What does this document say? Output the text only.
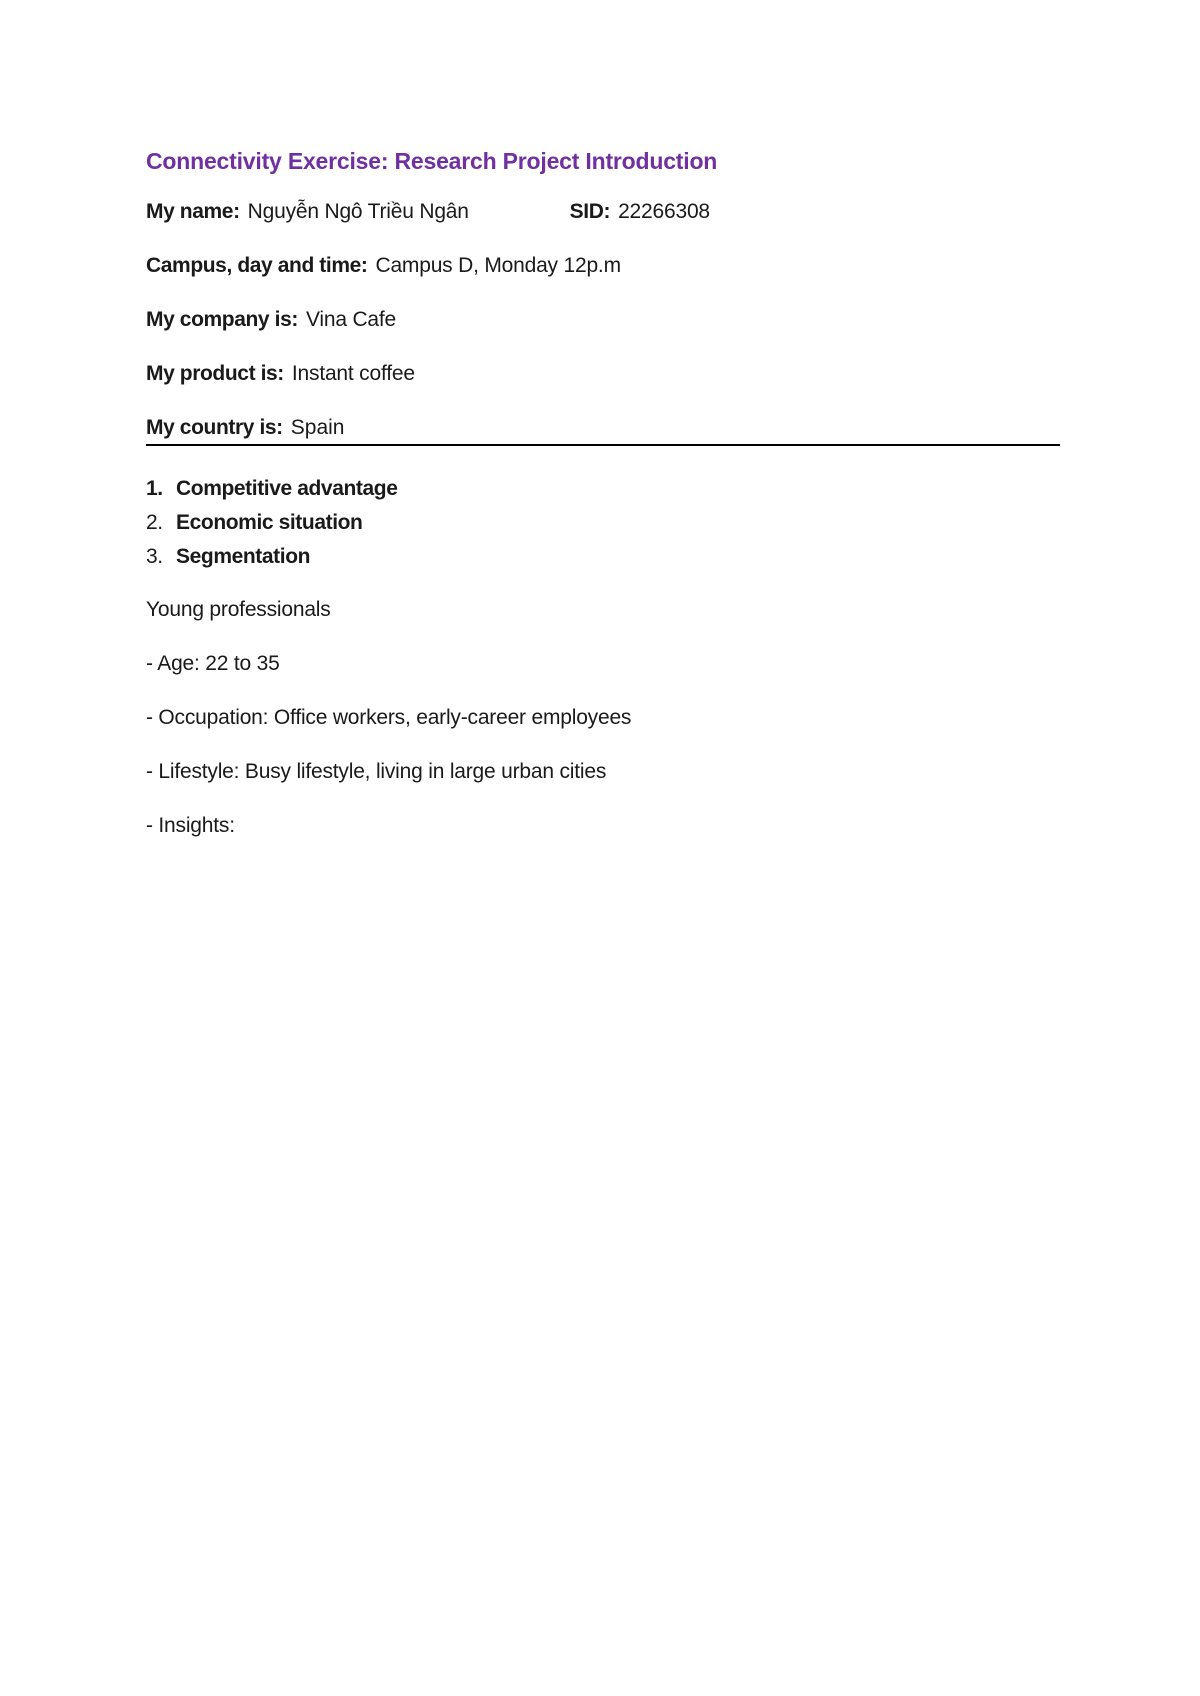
Connectivity Exercise: Research Project Introduction
My name: Nguyễn Ngô Triều Ngân	SID: 22266308
Campus, day and time: Campus D, Monday 12p.m
My company is: Vina Cafe
My product is: Instant coffee
My country is: Spain
1. Competitive advantage
2. Economic situation
3. Segmentation
Young professionals
- Age: 22 to 35
- Occupation: Office workers, early-career employees
- Lifestyle: Busy lifestyle, living in large urban cities
- Insights:
